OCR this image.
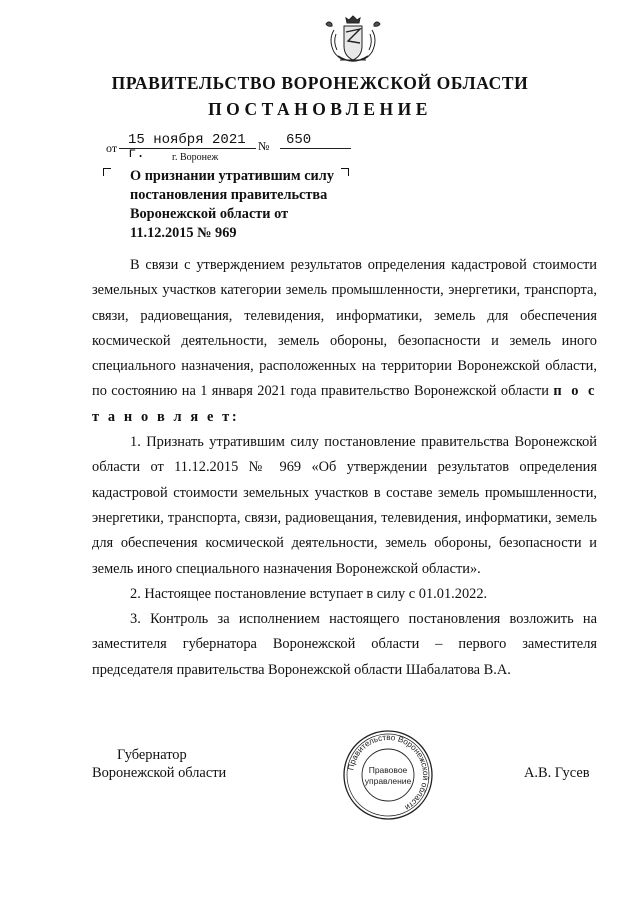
ПРАВИТЕЛЬСТВО ВОРОНЕЖСКОЙ ОБЛАСТИ
ПОСТАНОВЛЕНИЕ
от 15 ноября 2021 г.	№	650
г. Воронеж
О признании утратившим силу постановления правительства Воронежской области от 11.12.2015 № 969

В связи с утверждением результатов определения кадастровой стоимости земельных участков категории земель промышленности, энергетики, транспорта, связи, радиовещания, телевидения, информатики, земель для обеспечения космической деятельности, земель обороны, безопасности и земель иного специального назначения, расположенных на территории Воронежской области, по состоянию на 1 января 2021 года правительство Воронежской области п о с т а н о в л я е т:

1. Признать утратившим силу постановление правительства Воронежской области от 11.12.2015 № 969 «Об утверждении результатов определения кадастровой стоимости земельных участков в составе земель промышленности, энергетики, транспорта, связи, радиовещания, телевидения, информатики, земель для обеспечения космической деятельности, земель обороны, безопасности и земель иного специального назначения Воронежской области».

2. Настоящее постановление вступает в силу с 01.01.2022.

3. Контроль за исполнением настоящего постановления возложить на заместителя губернатора Воронежской области – первого заместителя председателя правительства Воронежской области Шабалатова В.А.

Губернатор
Воронежской области	А.В. Гусев
Правительство Воронежской области
Правовое
управление
